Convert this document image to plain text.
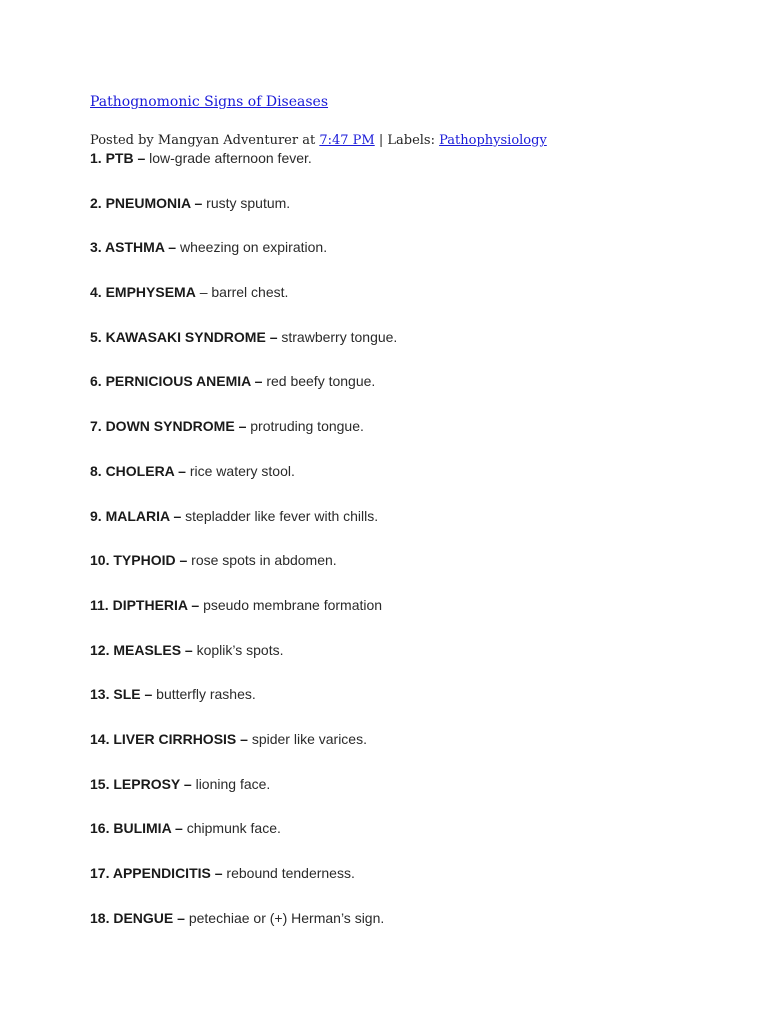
Pathognomonic Signs of Diseases
Posted by Mangyan Adventurer at 7:47 PM | Labels: Pathophysiology
1. PTB – low-grade afternoon fever.
2. PNEUMONIA – rusty sputum.
3. ASTHMA – wheezing on expiration.
4. EMPHYSEMA – barrel chest.
5. KAWASAKI SYNDROME – strawberry tongue.
6. PERNICIOUS ANEMIA – red beefy tongue.
7. DOWN SYNDROME – protruding tongue.
8. CHOLERA – rice watery stool.
9. MALARIA – stepladder like fever with chills.
10. TYPHOID – rose spots in abdomen.
11. DIPTHERIA – pseudo membrane formation
12. MEASLES – koplik’s spots.
13. SLE – butterfly rashes.
14. LIVER CIRRHOSIS – spider like varices.
15. LEPROSY – lioning face.
16. BULIMIA – chipmunk face.
17. APPENDICITIS – rebound tenderness.
18. DENGUE – petechiae or (+) Herman’s sign.
